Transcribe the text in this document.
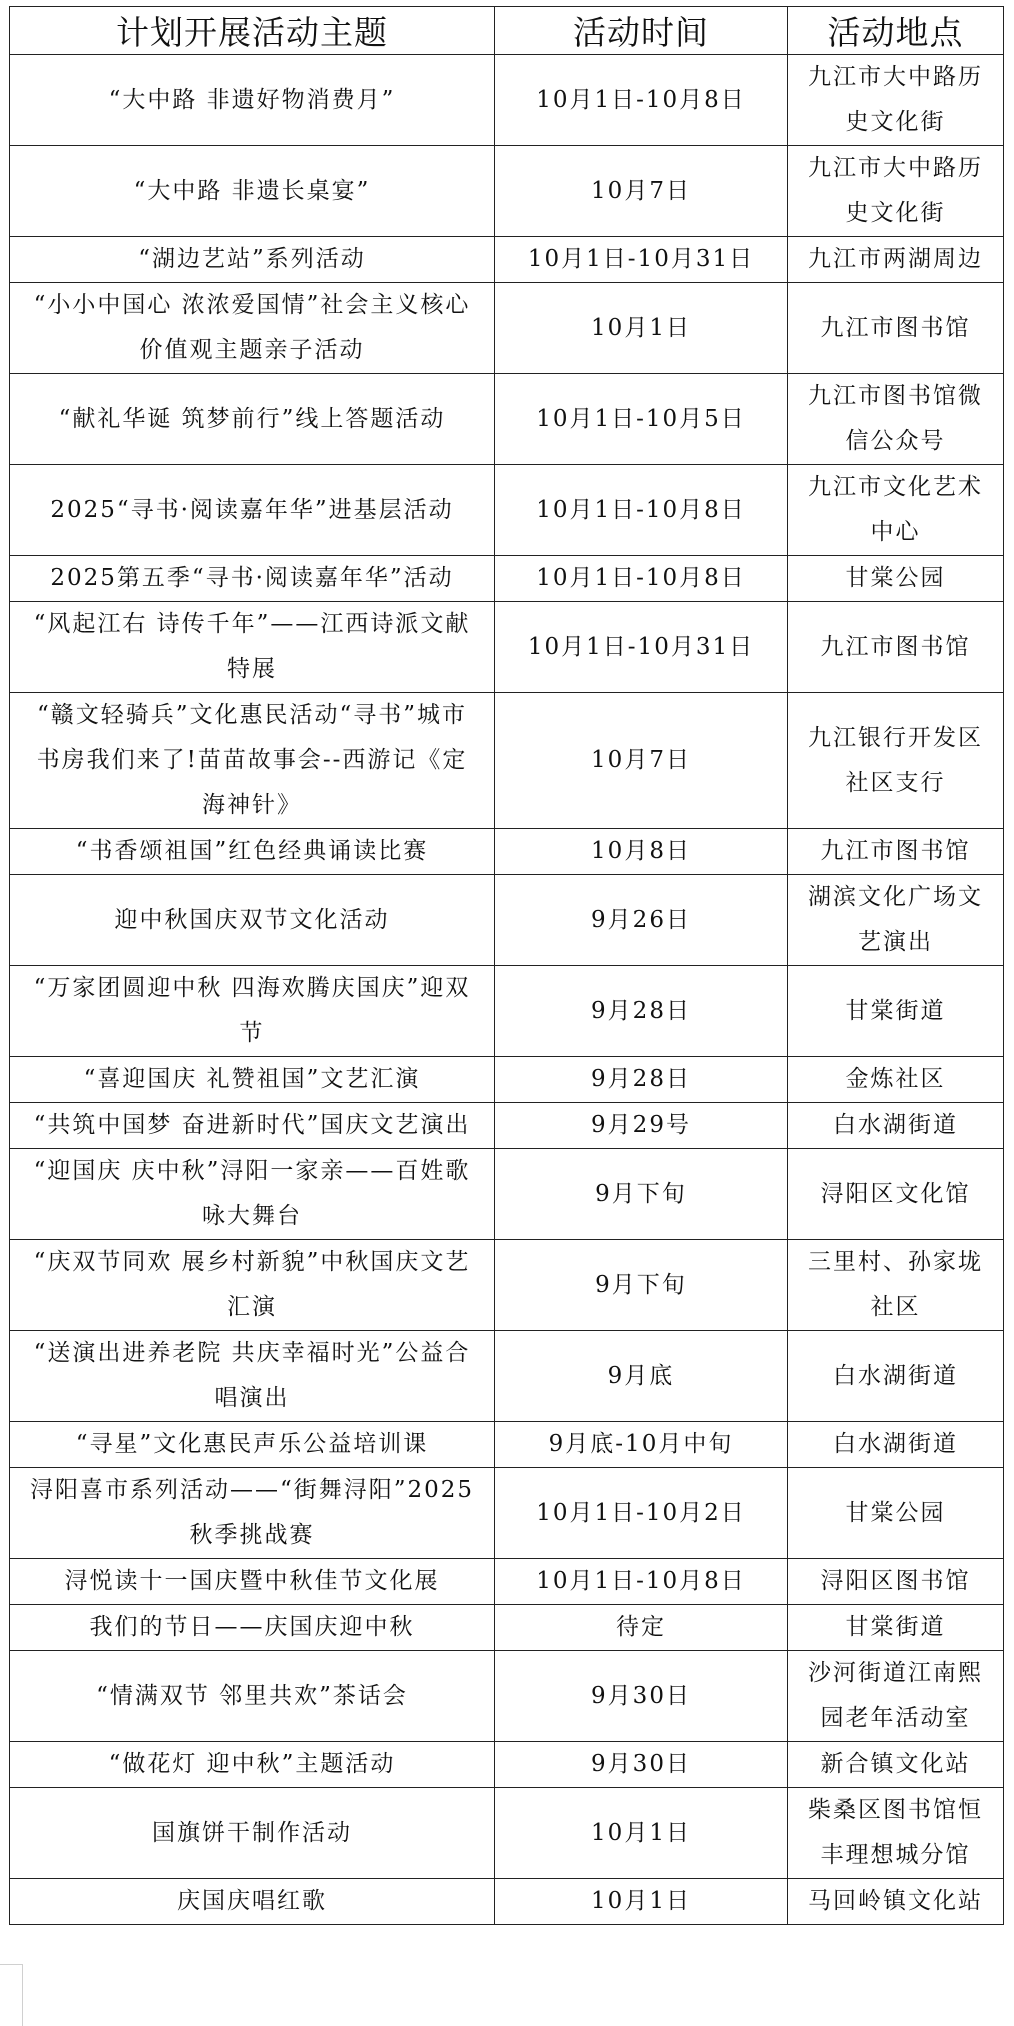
计划开展活动主题	活动时间	活动地点
“大中路 非遗好物消费月”	10月1日-10月8日	九江市大中路历史文化街
“大中路 非遗长桌宴”	10月7日	九江市大中路历史文化街
“湖边艺站”系列活动	10月1日-10月31日	九江市两湖周边
“小小中国心 浓浓爱国情”社会主义核心价值观主题亲子活动	10月1日	九江市图书馆
“献礼华诞 筑梦前行”线上答题活动	10月1日-10月5日	九江市图书馆微信公众号
2025“寻书·阅读嘉年华”进基层活动	10月1日-10月8日	九江市文化艺术中心
2025第五季“寻书·阅读嘉年华”活动	10月1日-10月8日	甘棠公园
“风起江右 诗传千年”——江西诗派文献特展	10月1日-10月31日	九江市图书馆
“赣文轻骑兵”文化惠民活动“寻书”城市书房我们来了!苗苗故事会--西游记《定海神针》	10月7日	九江银行开发区社区支行
“书香颂祖国”红色经典诵读比赛	10月8日	九江市图书馆
迎中秋国庆双节文化活动	9月26日	湖滨文化广场文艺演出
“万家团圆迎中秋 四海欢腾庆国庆”迎双节	9月28日	甘棠街道
“喜迎国庆 礼赞祖国”文艺汇演	9月28日	金炼社区
“共筑中国梦 奋进新时代”国庆文艺演出	9月29号	白水湖街道
“迎国庆 庆中秋”浔阳一家亲——百姓歌咏大舞台	9月下旬	浔阳区文化馆
“庆双节同欢 展乡村新貌”中秋国庆文艺汇演	9月下旬	三里村、孙家垅社区
“送演出进养老院 共庆幸福时光”公益合唱演出	9月底	白水湖街道
“寻星”文化惠民声乐公益培训课	9月底-10月中旬	白水湖街道
浔阳喜市系列活动——“街舞浔阳”2025秋季挑战赛	10月1日-10月2日	甘棠公园
浔悦读十一国庆暨中秋佳节文化展	10月1日-10月8日	浔阳区图书馆
我们的节日——庆国庆迎中秋	待定	甘棠街道
“情满双节 邻里共欢”茶话会	9月30日	沙河街道江南熙园老年活动室
“做花灯 迎中秋”主题活动	9月30日	新合镇文化站
国旗饼干制作活动	10月1日	柴桑区图书馆恒丰理想城分馆
庆国庆唱红歌	10月1日	马回岭镇文化站
